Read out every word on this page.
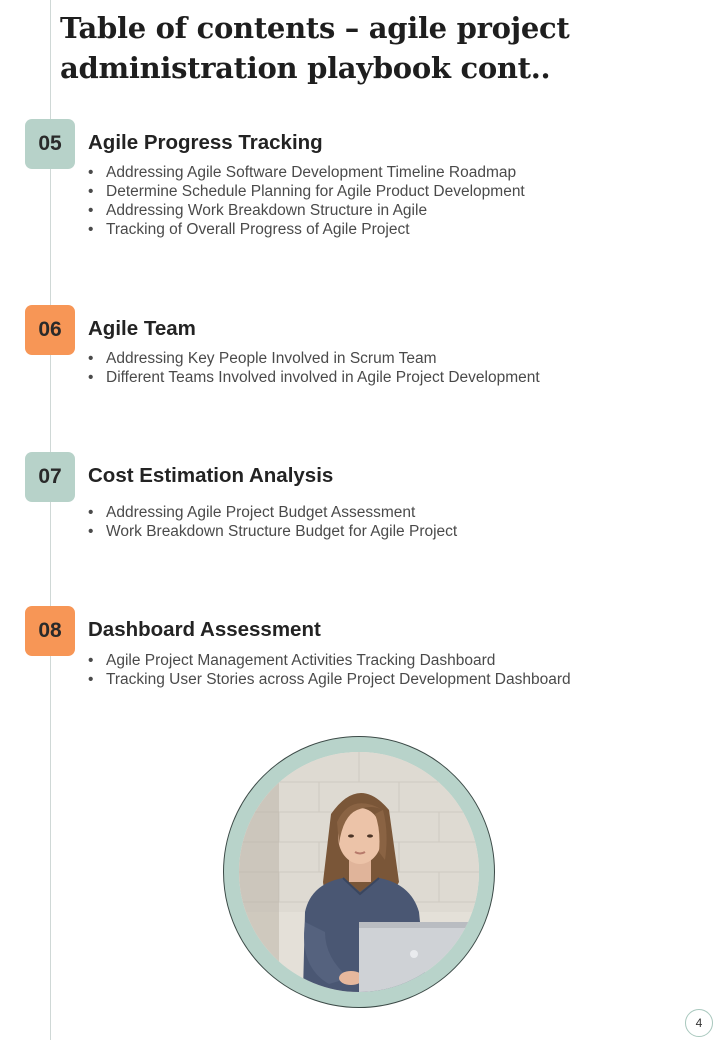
Table of contents – agile project administration playbook cont..
05	Agile Progress Tracking
• Addressing Agile Software Development Timeline Roadmap
• Determine Schedule Planning for Agile Product Development
• Addressing Work Breakdown Structure in Agile
• Tracking of Overall Progress of Agile Project
06	Agile Team
• Addressing Key People Involved in Scrum Team
• Different Teams Involved involved in Agile Project Development
07	Cost Estimation Analysis
• Addressing Agile Project Budget Assessment
• Work Breakdown Structure Budget for Agile Project
08	Dashboard Assessment
• Agile Project Management Activities Tracking Dashboard
• Tracking User Stories across Agile Project Development Dashboard
4
